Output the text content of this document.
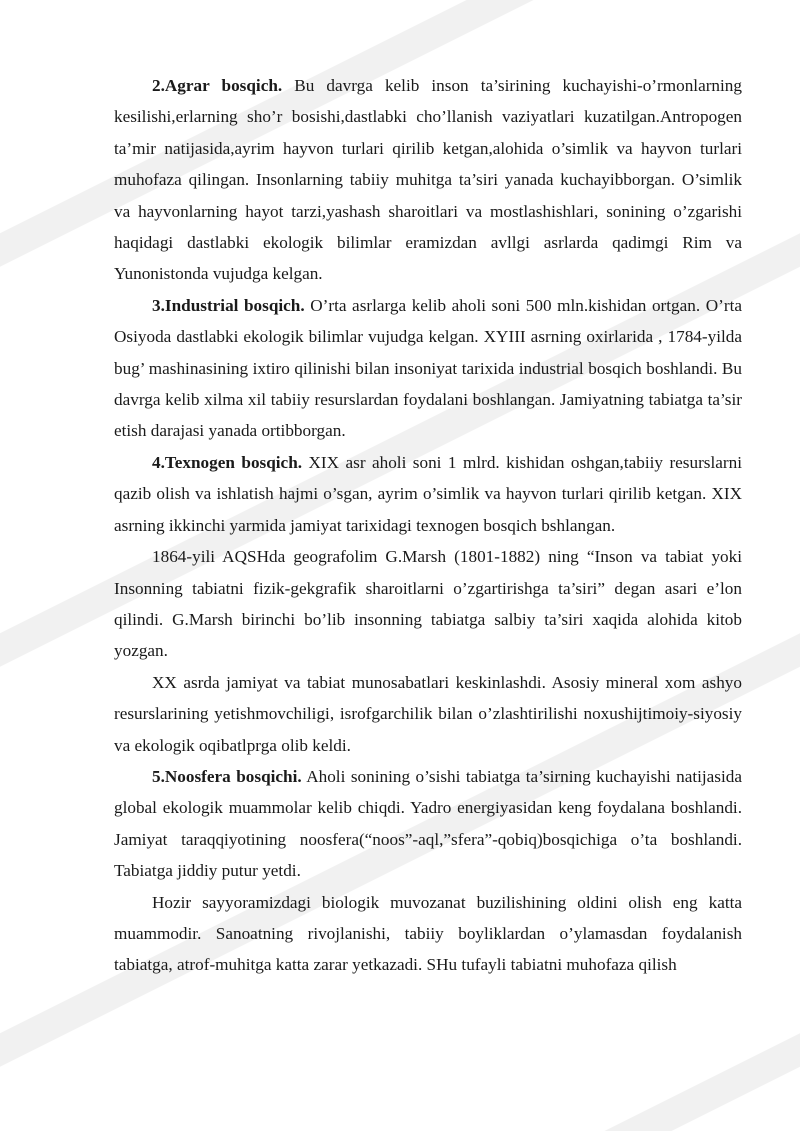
2.Agrar bosqich. Bu davrga kelib inson ta’sirining kuchayishi-o’rmonlarning kesilishi,erlarning sho’r bosishi,dastlabki cho’llanish vaziyatlari kuzatilgan.Antropogen ta’mir natijasida,ayrim hayvon turlari qirilib ketgan,alohida o’simlik va hayvon turlari muhofaza qilingan. Insonlarning tabiiy muhitga ta’siri yanada kuchayibborgan. O’simlik va hayvonlarning hayot tarzi,yashash sharoitlari va mostlashishlari, sonining o’zgarishi haqidagi dastlabki ekologik bilimlar eramizdan avllgi asrlarda qadimgi Rim va Yunonistonda vujudga kelgan.

3.Industrial bosqich. O’rta asrlarga kelib aholi soni 500 mln.kishidan ortgan. O’rta Osiyoda dastlabki ekologik bilimlar vujudga kelgan. XYIII asrning oxirlarida , 1784-yilda bug’ mashinasining ixtiro qilinishi bilan insoniyat tarixida industrial bosqich boshlandi. Bu davrga kelib xilma xil tabiiy resurslardan foydalani boshlangan. Jamiyatning tabiatga ta’sir etish darajasi yanada ortibborgan.

4.Texnogen bosqich. XIX asr aholi soni 1 mlrd. kishidan oshgan,tabiiy resurslarni qazib olish va ishlatish hajmi o’sgan, ayrim o’simlik va hayvon turlari qirilib ketgan. XIX asrning ikkinchi yarmida jamiyat tarixidagi texnogen bosqich bshlangan.

1864-yili AQSHda geografolim G.Marsh (1801-1882) ning “Inson va tabiat yoki Insonning tabiatni fizik-gekgrafik sharoitlarni o’zgartirishga ta’siri” degan asari e’lon qilindi. G.Marsh birinchi bo’lib insonning tabiatga salbiy ta’siri xaqida alohida kitob yozgan.

XX asrda jamiyat va tabiat munosabatlari keskinlashdi. Asosiy mineral xom ashyo resurslarining yetishmovchiligi, isrofgarchilik bilan o’zlashtirilishi noxushijtimoiy-siyosiy va ekologik oqibatlprga olib keldi.

5.Noosfera bosqichi. Aholi sonining o’sishi tabiatga ta’sirning kuchayishi natijasida global ekologik muammolar kelib chiqdi. Yadro energiyasidan keng foydalana boshlandi. Jamiyat taraqqiyotining noosfera(“noos”-aql,”sfera”-qobiq)bosqichiga o’ta boshlandi. Tabiatga jiddiy putur yetdi.

Hozir sayyoramizdagi biologik muvozanat buzilishining oldini olish eng katta muammodir. Sanoatning rivojlanishi, tabiiy boyliklardan o’ylamasdan foydalanish tabiatga, atrof-muhitga katta zarar yetkazadi. SHu tufayli tabiatni muhofaza qilish
